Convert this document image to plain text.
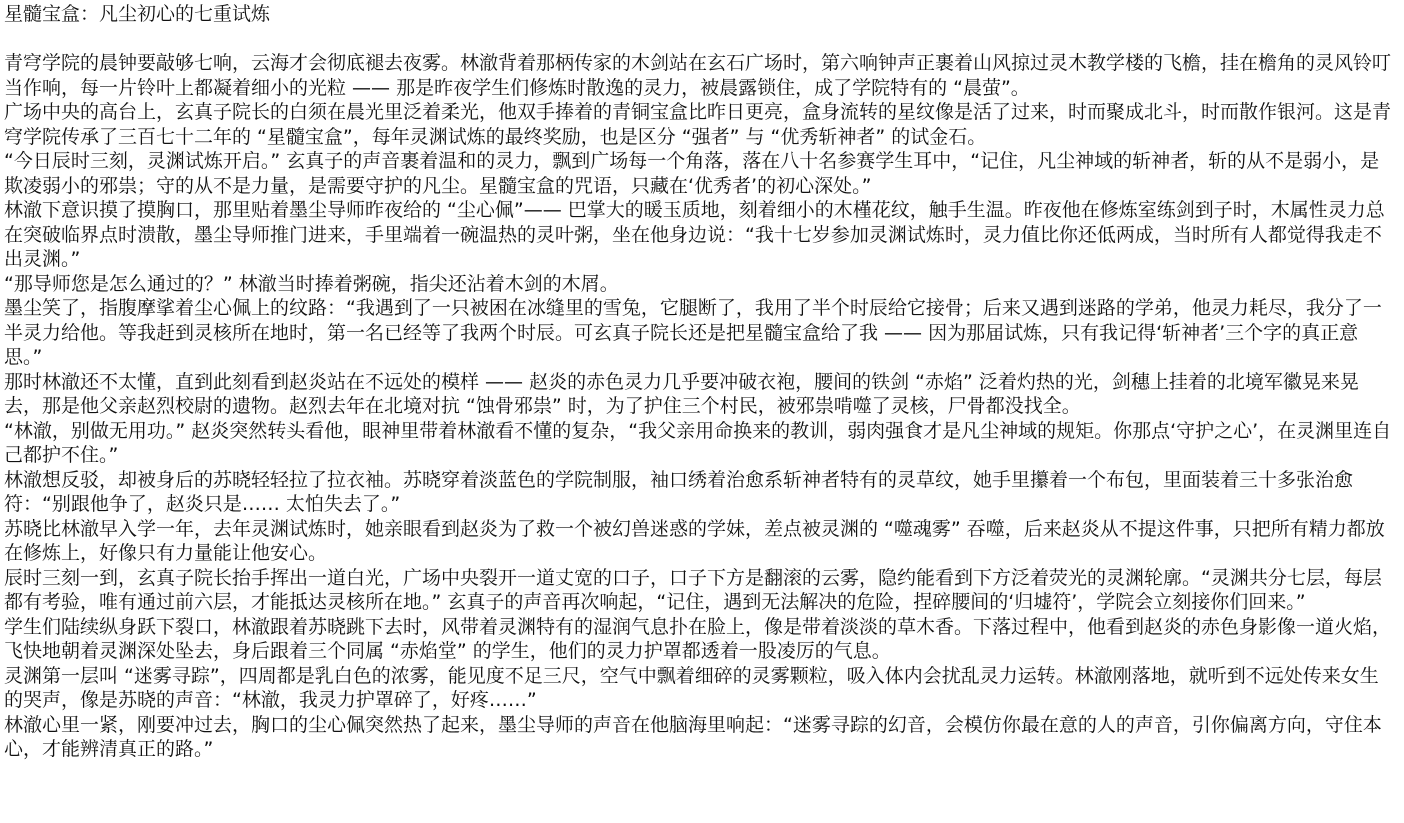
星髓宝盒：凡尘初心的七重试炼

青穹学院的晨钟要敲够七响，云海才会彻底褪去夜雾。林澈背着那柄传家的木剑站在玄石广场时，第六响钟声正裹着山风掠过灵木教学楼的飞檐，挂在檐角的灵风铃叮当作响，每一片铃叶上都凝着细小的光粒 —— 那是昨夜学生们修炼时散逸的灵力，被晨露锁住，成了学院特有的 “晨萤”。

广场中央的高台上，玄真子院长的白须在晨光里泛着柔光，他双手捧着的青铜宝盒比昨日更亮，盒身流转的星纹像是活了过来，时而聚成北斗，时而散作银河。这是青穹学院传承了三百七十二年的 “星髓宝盒”，每年灵渊试炼的最终奖励，也是区分 “强者” 与 “优秀斩神者” 的试金石。

“今日辰时三刻，灵渊试炼开启。” 玄真子的声音裹着温和的灵力，飘到广场每一个角落，落在八十名参赛学生耳中，“记住，凡尘神域的斩神者，斩的从不是弱小，是欺凌弱小的邪祟；守的从不是力量，是需要守护的凡尘。星髓宝盒的咒语，只藏在‘优秀者’的初心深处。”

林澈下意识摸了摸胸口，那里贴着墨尘导师昨夜给的 “尘心佩”—— 巴掌大的暖玉质地，刻着细小的木槿花纹，触手生温。昨夜他在修炼室练剑到子时，木属性灵力总在突破临界点时溃散，墨尘导师推门进来，手里端着一碗温热的灵叶粥，坐在他身边说：“我十七岁参加灵渊试炼时，灵力值比你还低两成，当时所有人都觉得我走不出灵渊。”

“那导师您是怎么通过的？” 林澈当时捧着粥碗，指尖还沾着木剑的木屑。

墨尘笑了，指腹摩挲着尘心佩上的纹路：“我遇到了一只被困在冰缝里的雪兔，它腿断了，我用了半个时辰给它接骨；后来又遇到迷路的学弟，他灵力耗尽，我分了一半灵力给他。等我赶到灵核所在地时，第一名已经等了我两个时辰。可玄真子院长还是把星髓宝盒给了我 —— 因为那届试炼，只有我记得‘斩神者’三个字的真正意思。”

那时林澈还不太懂，直到此刻看到赵炎站在不远处的模样 —— 赵炎的赤色灵力几乎要冲破衣袍，腰间的铁剑 “赤焰” 泛着灼热的光，剑穗上挂着的北境军徽晃来晃去，那是他父亲赵烈校尉的遗物。赵烈去年在北境对抗 “蚀骨邪祟” 时，为了护住三个村民，被邪祟啃噬了灵核，尸骨都没找全。

“林澈，别做无用功。” 赵炎突然转头看他，眼神里带着林澈看不懂的复杂，“我父亲用命换来的教训，弱肉强食才是凡尘神域的规矩。你那点‘守护之心’，在灵渊里连自己都护不住。”

林澈想反驳，却被身后的苏晓轻轻拉了拉衣袖。苏晓穿着淡蓝色的学院制服，袖口绣着治愈系斩神者特有的灵草纹，她手里攥着一个布包，里面装着三十多张治愈符：“别跟他争了，赵炎只是…… 太怕失去了。”

苏晓比林澈早入学一年，去年灵渊试炼时，她亲眼看到赵炎为了救一个被幻兽迷惑的学妹，差点被灵渊的 “噬魂雾” 吞噬，后来赵炎从不提这件事，只把所有精力都放在修炼上，好像只有力量能让他安心。

辰时三刻一到，玄真子院长抬手挥出一道白光，广场中央裂开一道丈宽的口子，口子下方是翻滚的云雾，隐约能看到下方泛着荧光的灵渊轮廓。“灵渊共分七层，每层都有考验，唯有通过前六层，才能抵达灵核所在地。” 玄真子的声音再次响起，“记住，遇到无法解决的危险，捏碎腰间的‘归墟符’，学院会立刻接你们回来。”

学生们陆续纵身跃下裂口，林澈跟着苏晓跳下去时，风带着灵渊特有的湿润气息扑在脸上，像是带着淡淡的草木香。下落过程中，他看到赵炎的赤色身影像一道火焰，飞快地朝着灵渊深处坠去，身后跟着三个同属 “赤焰堂” 的学生，他们的灵力护罩都透着一股凌厉的气息。

灵渊第一层叫 “迷雾寻踪”，四周都是乳白色的浓雾，能见度不足三尺，空气中飘着细碎的灵雾颗粒，吸入体内会扰乱灵力运转。林澈刚落地，就听到不远处传来女生的哭声，像是苏晓的声音：“林澈，我灵力护罩碎了，好疼……”

林澈心里一紧，刚要冲过去，胸口的尘心佩突然热了起来，墨尘导师的声音在他脑海里响起：“迷雾寻踪的幻音，会模仿你最在意的人的声音，引你偏离方向，守住本心，才能辨清真正的路。”
